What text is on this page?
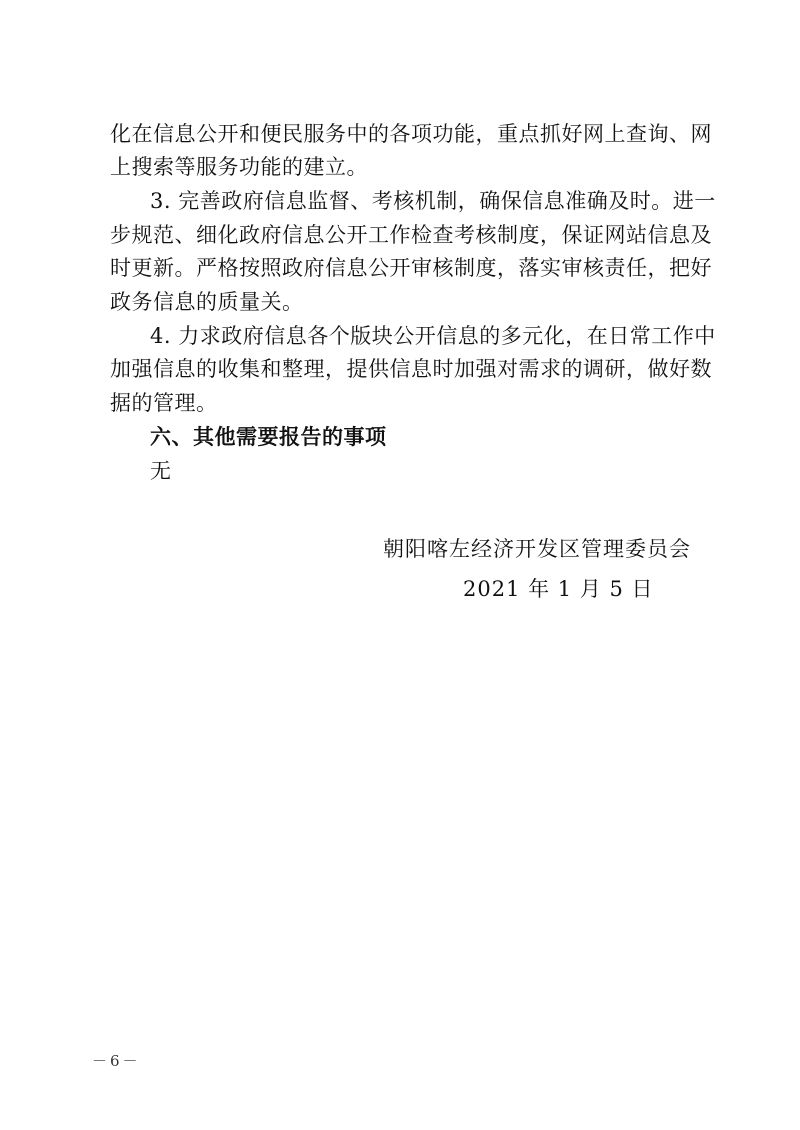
化在信息公开和便民服务中的各项功能，重点抓好网上查询、网
上搜索等服务功能的建立。
3. 完善政府信息监督、考核机制，确保信息准确及时。进一
步规范、细化政府信息公开工作检查考核制度，保证网站信息及
时更新。严格按照政府信息公开审核制度，落实审核责任，把好
政务信息的质量关。
4. 力求政府信息各个版块公开信息的多元化，在日常工作中
加强信息的收集和整理，提供信息时加强对需求的调研，做好数
据的管理。
六、其他需要报告的事项
无
朝阳喀左经济开发区管理委员会
2021 年 1 月 5 日
－6－
